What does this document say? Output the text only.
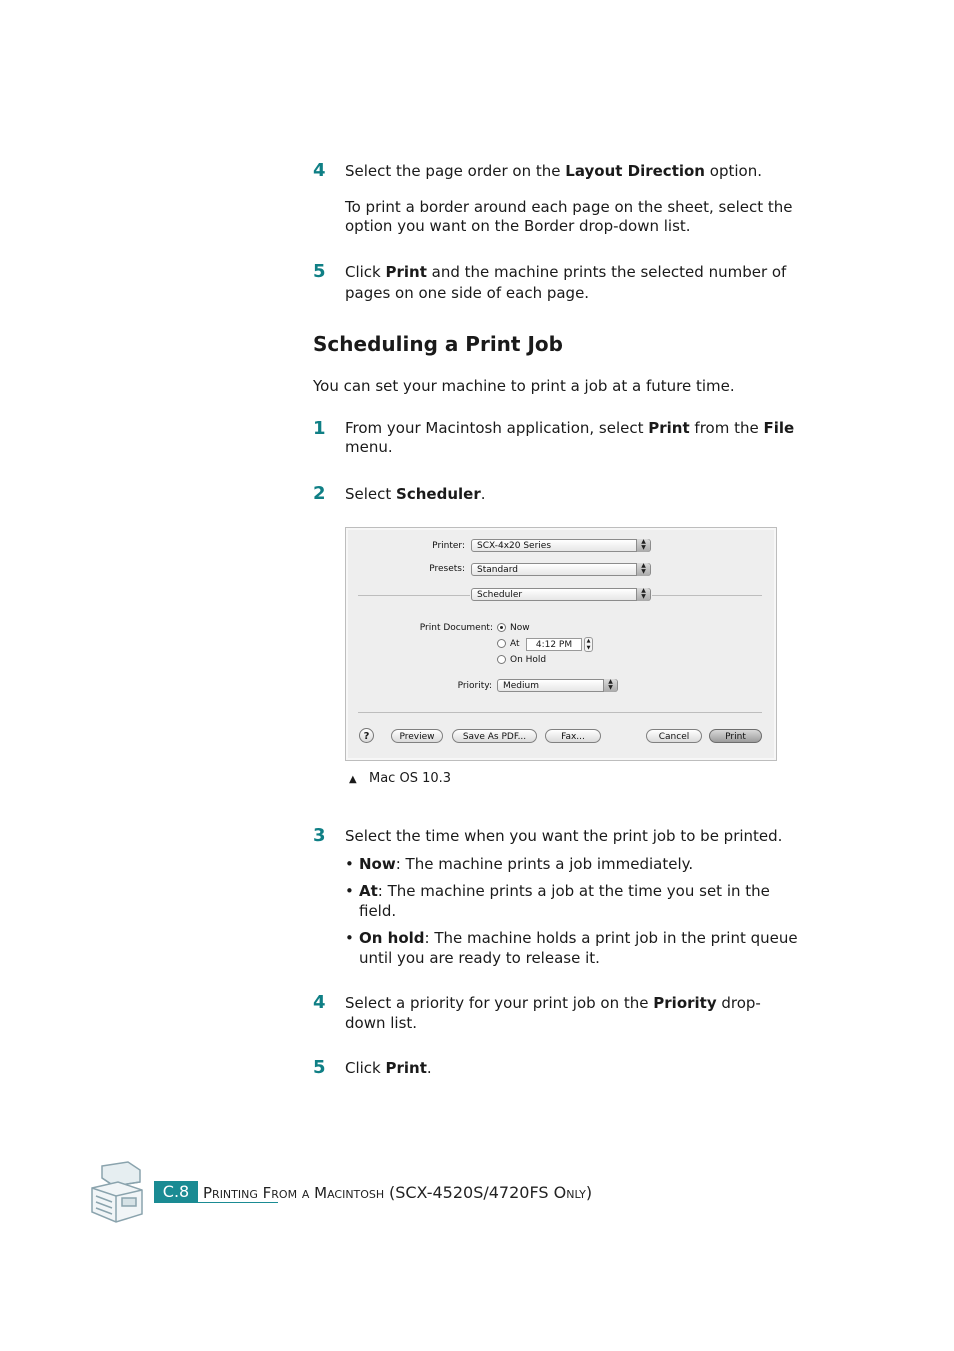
4 Select the page order on the Layout Direction option.
To print a border around each page on the sheet, select the option you want on the Border drop-down list.
5 Click Print and the machine prints the selected number of pages on one side of each page.
Scheduling a Print Job
You can set your machine to print a job at a future time.
1 From your Macintosh application, select Print from the File menu.
2 Select Scheduler.
Printer:	SCX-4x20 Series	▲
▼
Presets:	Standard	▲
▼
Scheduler	▲
▼
Print Document: Now
At	4:12 PM	▲
▼
On Hold
Priority:	Medium	▲
▼
?	Preview	Save As PDF...	Fax...	Cancel	Print
▲ Mac OS 10.3
3 Select the time when you want the print job to be printed.
• Now: The machine prints a job immediately.
• At: The machine prints a job at the time you set in the field.
• On hold: The machine holds a print job in the print queue until you are ready to release it.
4 Select a priority for your print job on the Priority drop-down list.
5 Click Print.
C.8 Printing From a Macintosh (SCX-4520S/4720FS Only)
